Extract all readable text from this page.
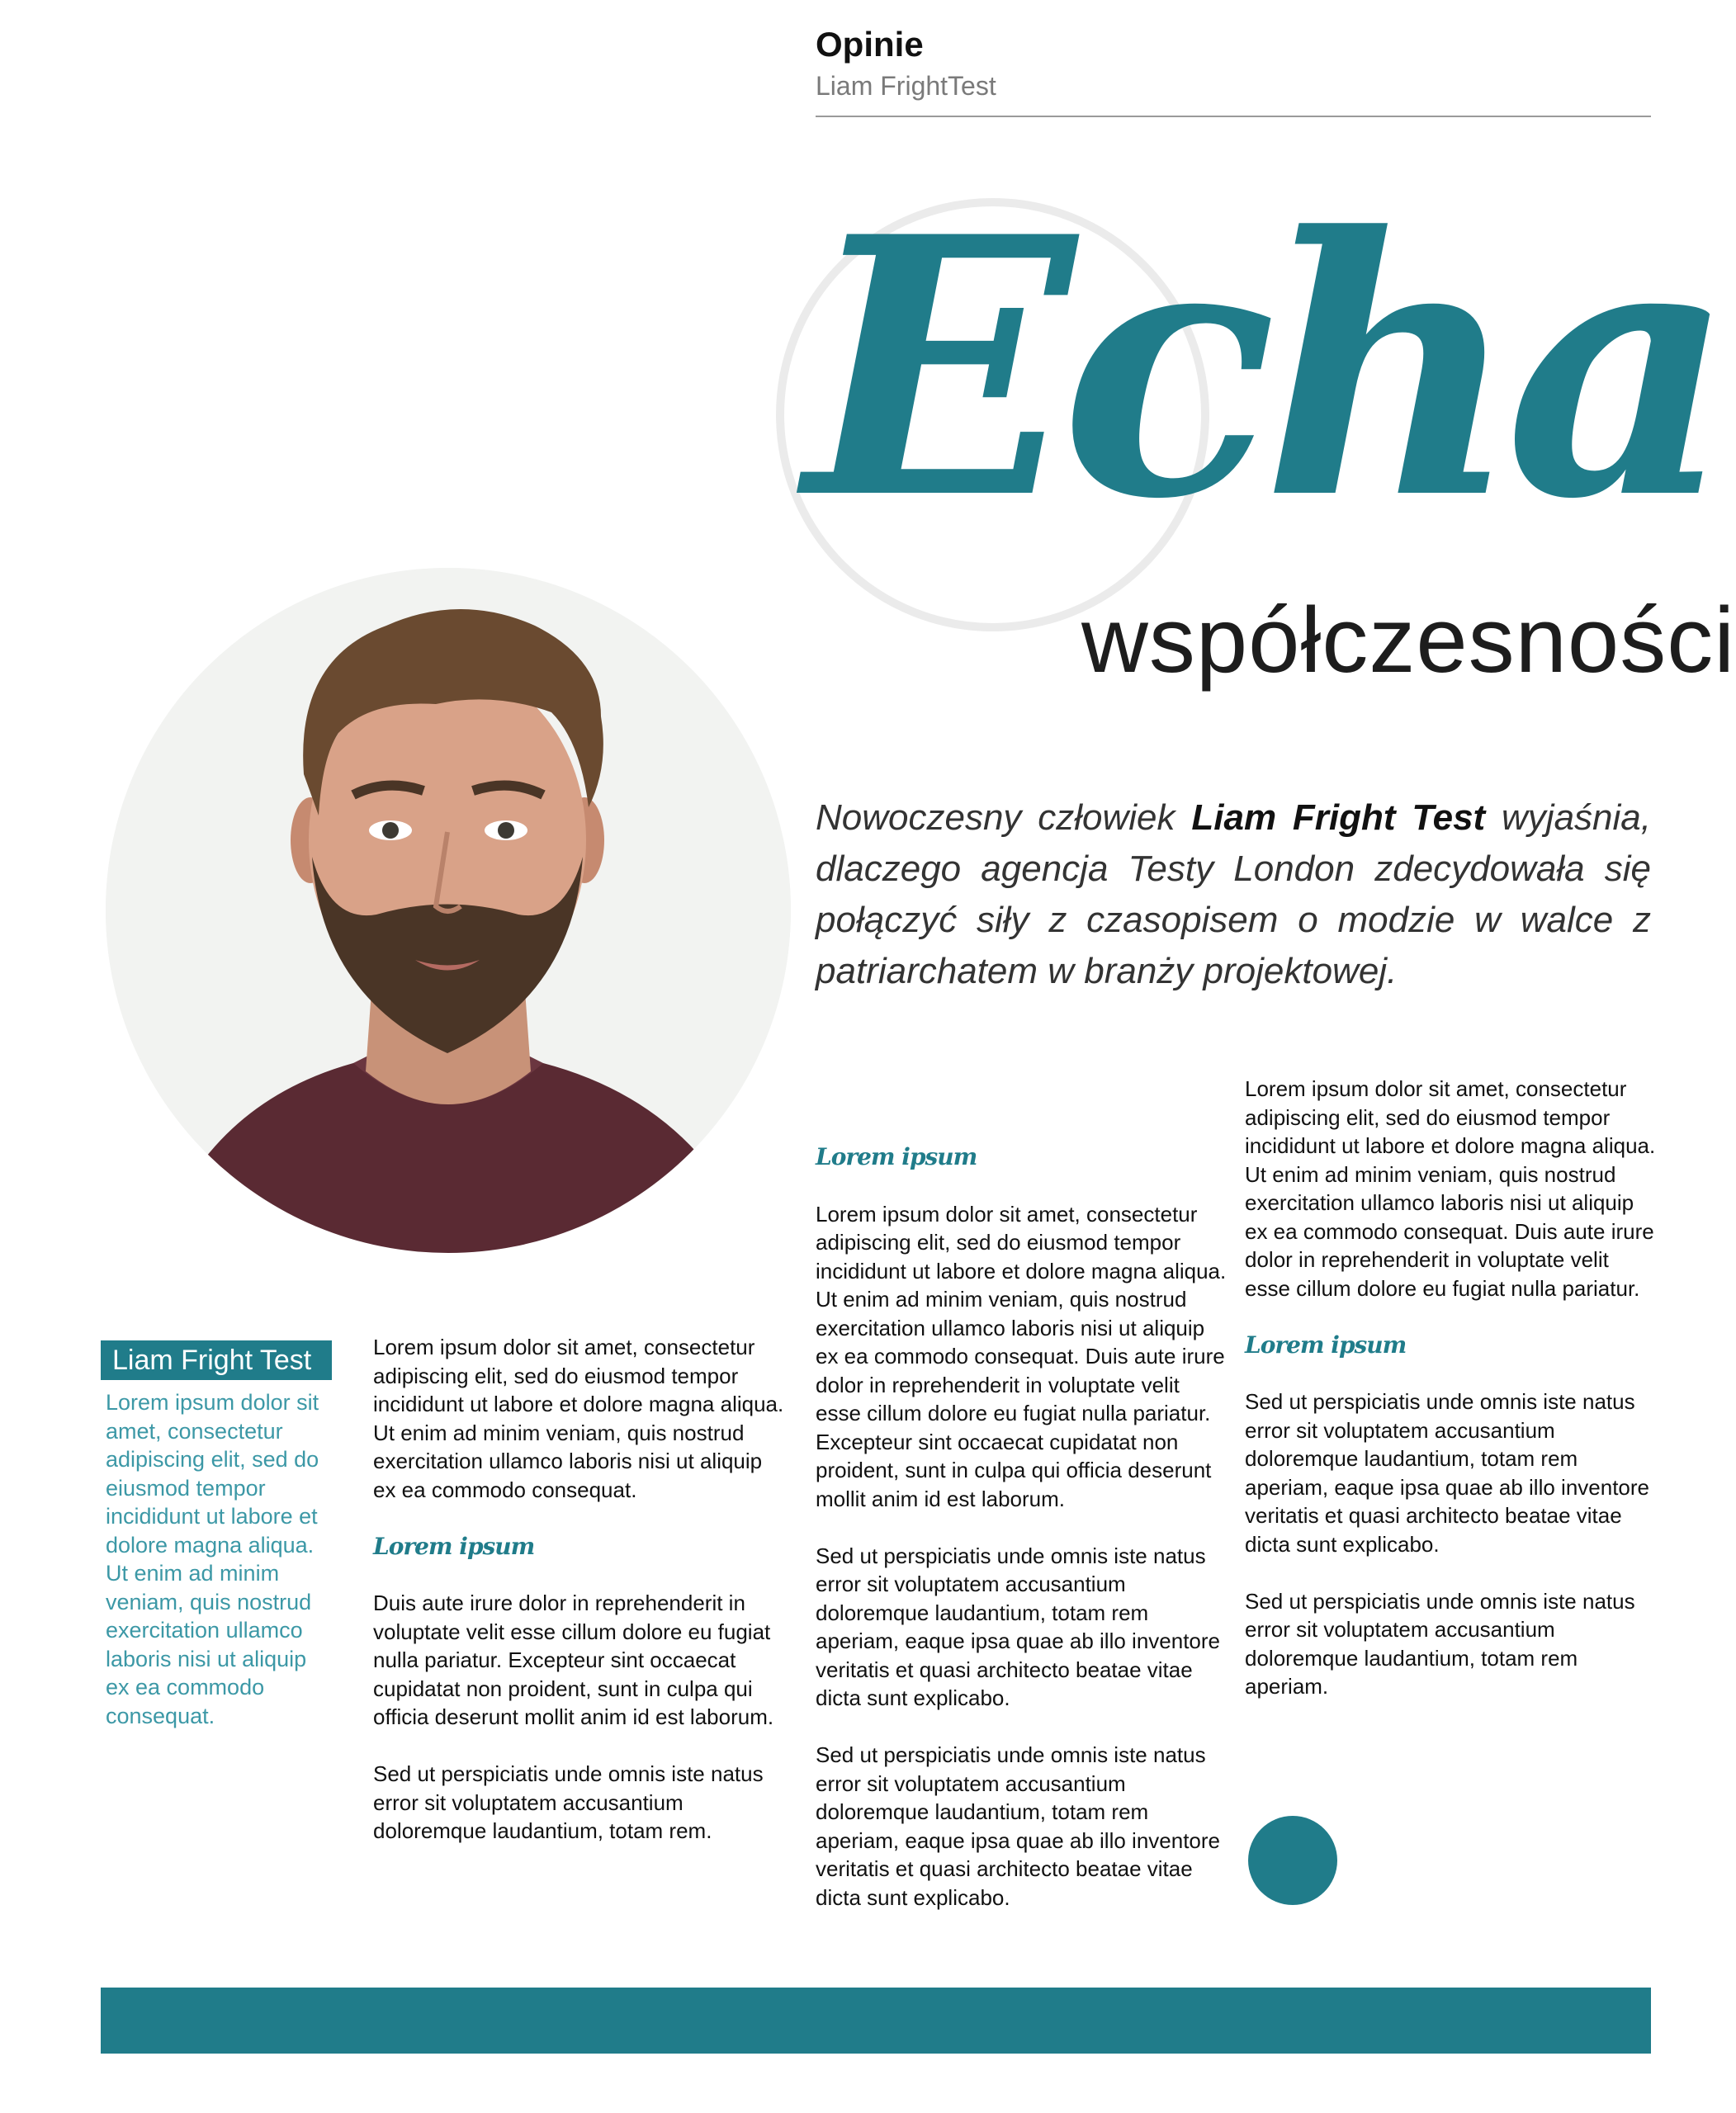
Opinie
Liam FrightTest
Echa
współczesności
Nowoczesny człowiek Liam Fright Test wyjaśnia, dlaczego agencja Testy London zdecydowała się połączyć siły z czasopisem o modzie w walce z patriarchatem w branży projektowej.
Liam Fright Test
Lorem ipsum dolor sit amet, consectetur adipiscing elit, sed do eiusmod tempor incididunt ut labore et dolore magna aliqua. Ut enim ad minim veniam, quis nostrud exercitation ullamco laboris nisi ut aliquip ex ea commodo consequat.

Lorem ipsum dolor sit amet, consectetur adipiscing elit, sed do eiusmod tempor incididunt ut labore et dolore magna aliqua. Ut enim ad minim veniam, quis nostrud exercitation ullamco laboris nisi ut aliquip ex ea commodo consequat.

Lorem ipsum

Duis aute irure dolor in reprehenderit in voluptate velit esse cillum dolore eu fugiat nulla pariatur. Excepteur sint occaecat cupidatat non proident, sunt in culpa qui officia deserunt mollit anim id est laborum.

Sed ut perspiciatis unde omnis iste natus error sit voluptatem accusantium doloremque laudantium, totam rem.

Lorem ipsum

Lorem ipsum dolor sit amet, consectetur adipiscing elit, sed do eiusmod tempor incididunt ut labore et dolore magna aliqua. Ut enim ad minim veniam, quis nostrud exercitation ullamco laboris nisi ut aliquip ex ea commodo consequat. Duis aute irure dolor in reprehenderit in voluptate velit esse cillum dolore eu fugiat nulla pariatur. Excepteur sint occaecat cupidatat non proident, sunt in culpa qui officia deserunt mollit anim id est laborum.

Sed ut perspiciatis unde omnis iste natus error sit voluptatem accusantium doloremque laudantium, totam rem aperiam, eaque ipsa quae ab illo inventore veritatis et quasi architecto beatae vitae dicta sunt explicabo.

Sed ut perspiciatis unde omnis iste natus error sit voluptatem accusantium doloremque laudantium, totam rem aperiam, eaque ipsa quae ab illo inventore veritatis et quasi architecto beatae vitae dicta sunt explicabo.

Lorem ipsum dolor sit amet, consectetur adipiscing elit, sed do eiusmod tempor incididunt ut labore et dolore magna aliqua. Ut enim ad minim veniam, quis nostrud exercitation ullamco laboris nisi ut aliquip ex ea commodo consequat. Duis aute irure dolor in reprehenderit in voluptate velit esse cillum dolore eu fugiat nulla pariatur.

Lorem ipsum

Sed ut perspiciatis unde omnis iste natus error sit voluptatem accusantium doloremque laudantium, totam rem aperiam, eaque ipsa quae ab illo inventore veritatis et quasi architecto beatae vitae dicta sunt explicabo.

Sed ut perspiciatis unde omnis iste natus error sit voluptatem accusantium doloremque laudantium, totam rem aperiam.
